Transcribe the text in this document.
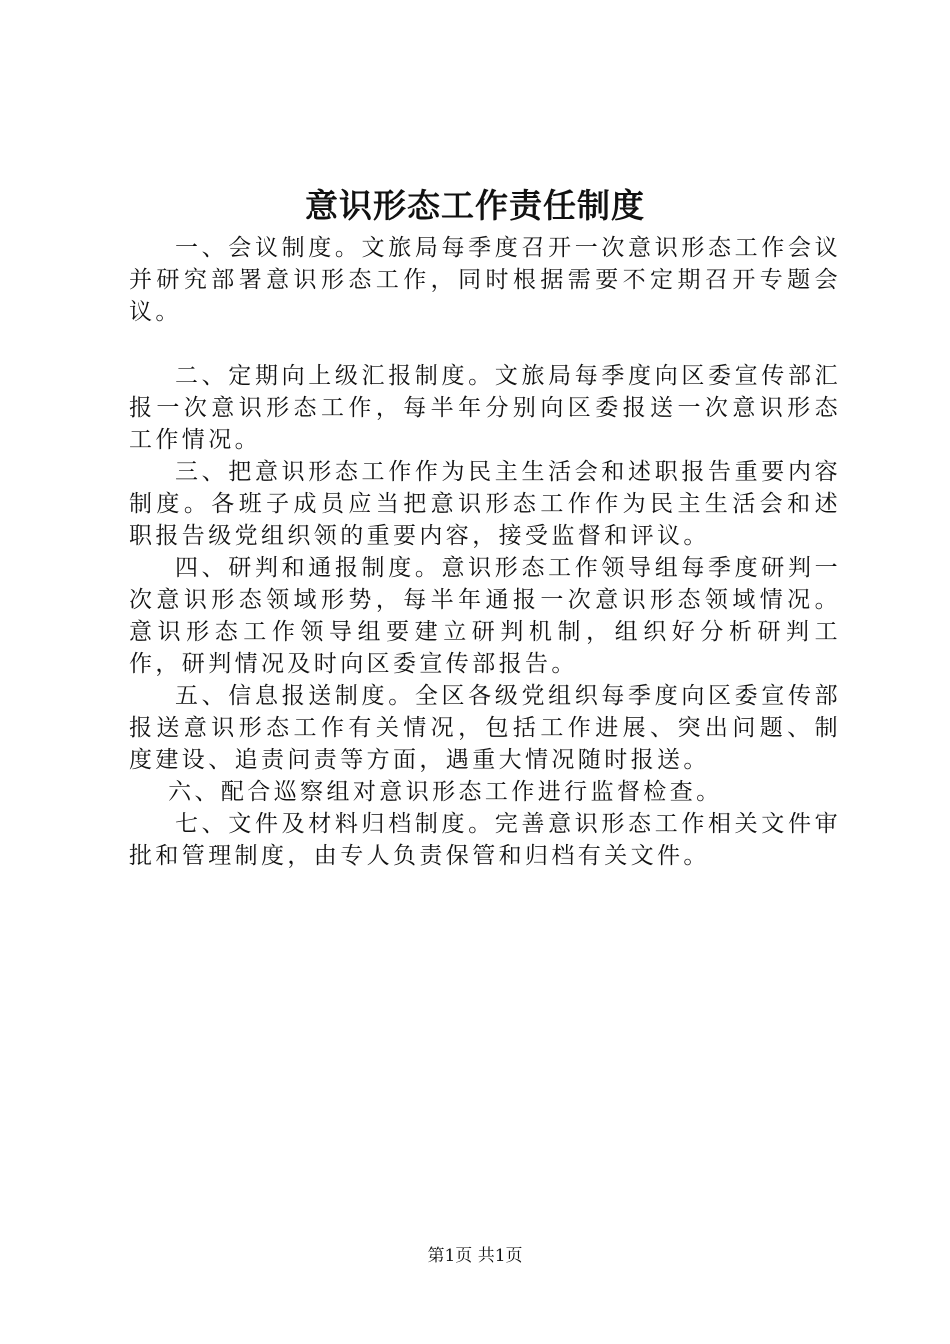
意识形态工作责任制度

一、会议制度。文旅局每季度召开一次意识形态工作会议并研究部署意识形态工作，同时根据需要不定期召开专题会议。

二、定期向上级汇报制度。文旅局每季度向区委宣传部汇报一次意识形态工作，每半年分别向区委报送一次意识形态工作情况。

三、把意识形态工作作为民主生活会和述职报告重要内容制度。各班子成员应当把意识形态工作作为民主生活会和述职报告级党组织领的重要内容，接受监督和评议。

四、研判和通报制度。意识形态工作领导组每季度研判一次意识形态领域形势，每半年通报一次意识形态领域情况。意识形态工作领导组要建立研判机制，组织好分析研判工作，研判情况及时向区委宣传部报告。

五、信息报送制度。全区各级党组织每季度向区委宣传部报送意识形态工作有关情况，包括工作进展、突出问题、制度建设、追责问责等方面，遇重大情况随时报送。

六、配合巡察组对意识形态工作进行监督检查。

七、文件及材料归档制度。完善意识形态工作相关文件审批和管理制度，由专人负责保管和归档有关文件。

第1页 共1页
